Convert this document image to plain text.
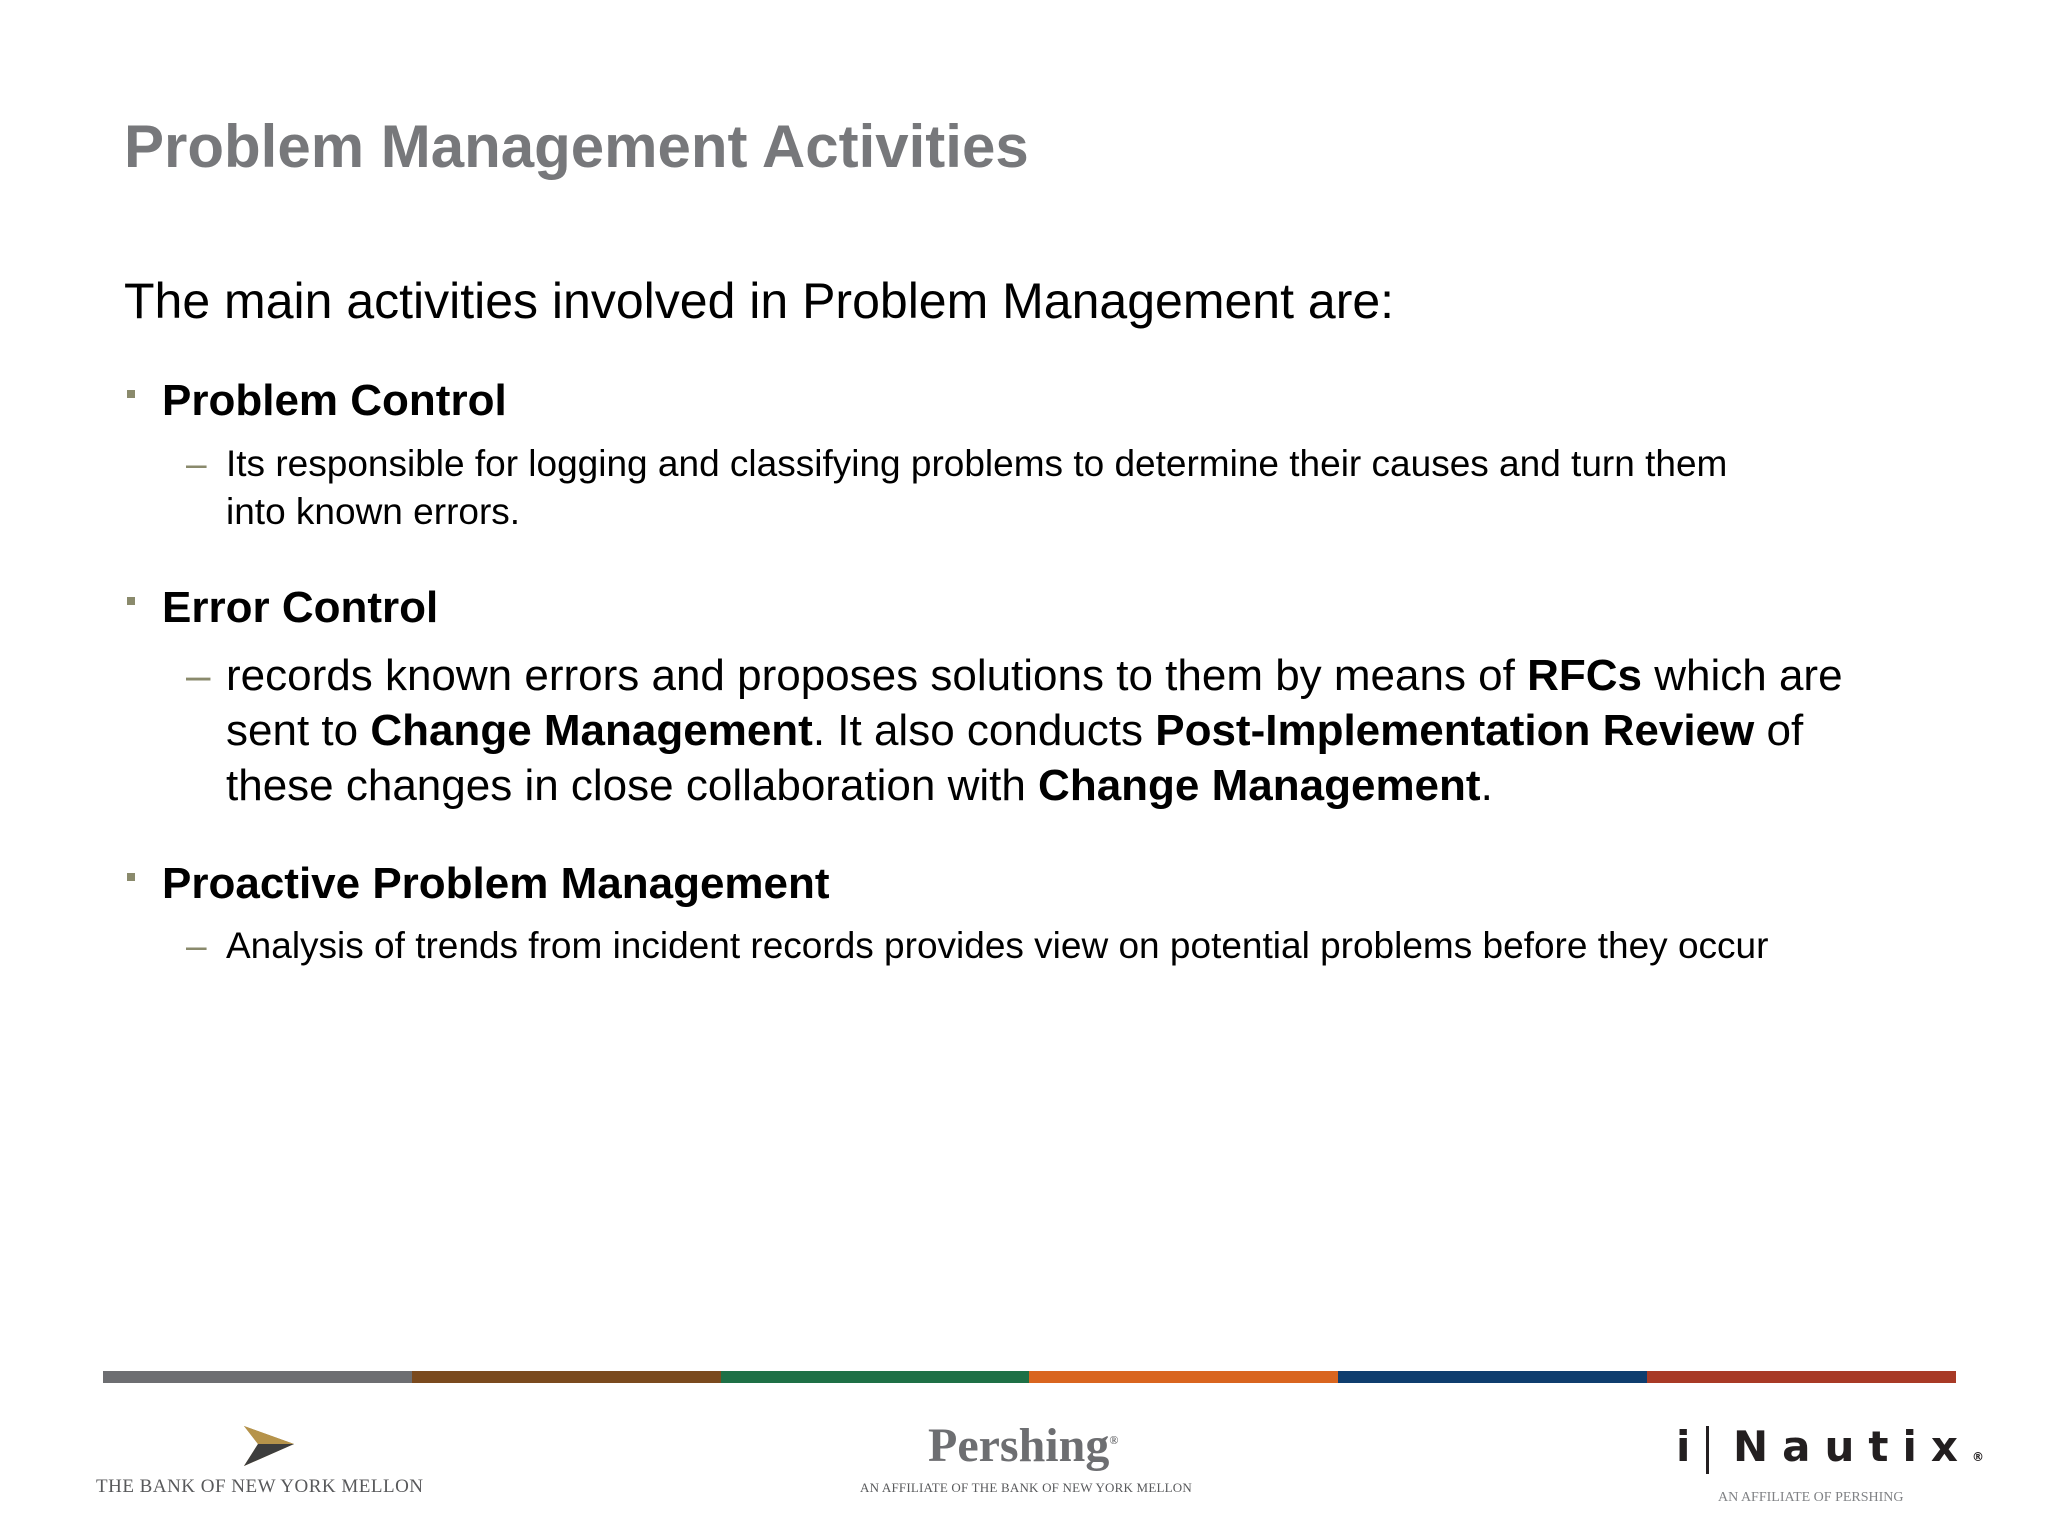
Problem Management Activities
The main activities involved in Problem Management are:
Problem Control
– Its responsible for logging and classifying problems to determine their causes and turn them
into known errors.
Error Control
– records known errors and proposes solutions to them by means of RFCs which are
sent to Change Management. It also conducts Post-Implementation Review of
these changes in close collaboration with Change Management.
Proactive Problem Management
– Analysis of trends from incident records provides view on potential problems before they occur
THE BANK OF NEW YORK MELLON
Pershing®
AN AFFILIATE OF THE BANK OF NEW YORK MELLON
i Nautix®
AN AFFILIATE OF PERSHING
